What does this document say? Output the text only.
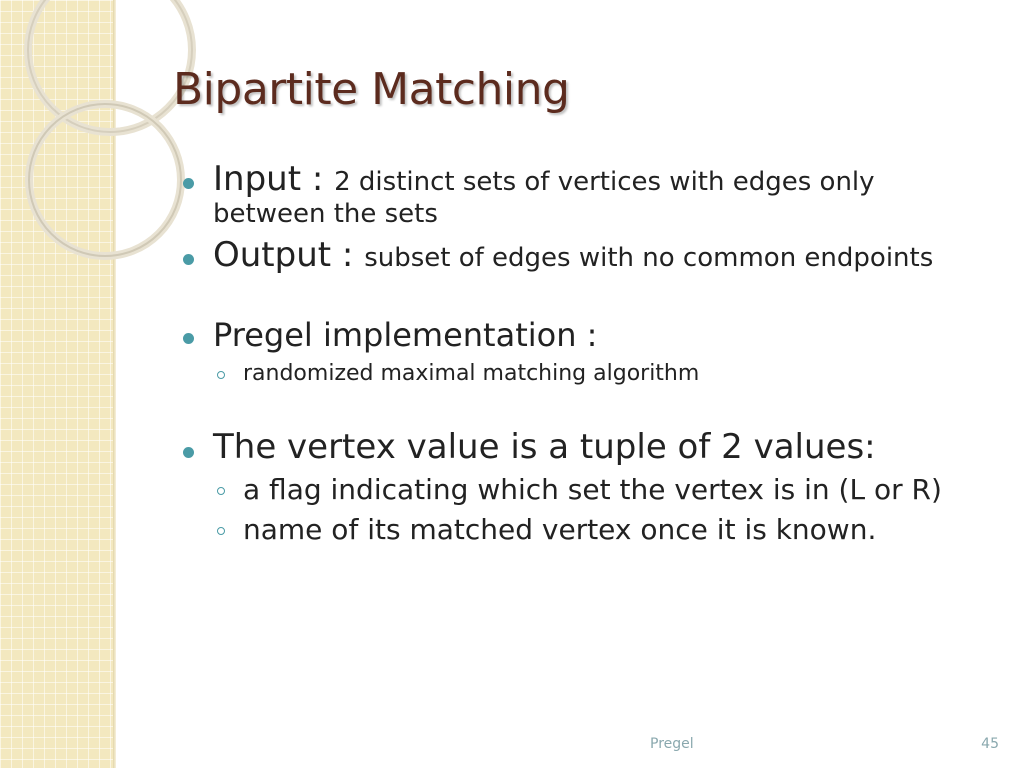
Bipartite Matching
Input : 2 distinct sets of vertices with edges only
between the sets
Output : subset of edges with no common endpoints
Pregel implementation :
randomized maximal matching algorithm
The vertex value is a tuple of 2 values:
a flag indicating which set the vertex is in (L or R)
name of its matched vertex once it is known.
Pregel	45
